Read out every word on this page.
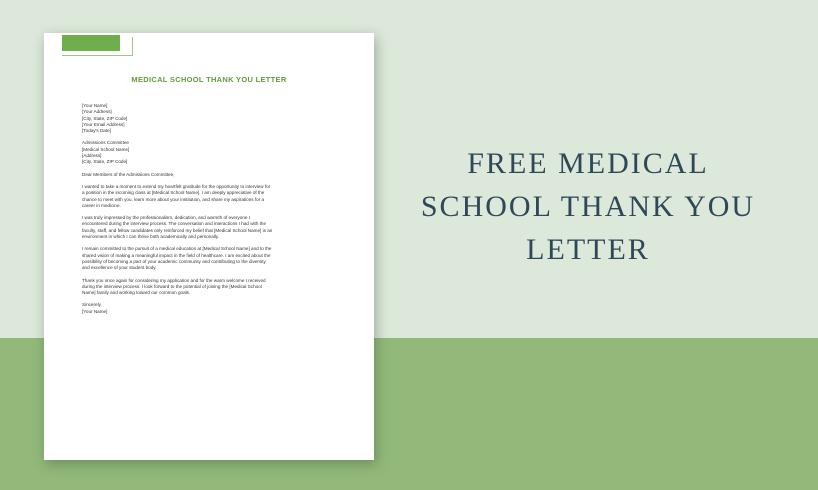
MEDICAL SCHOOL THANK YOU LETTER
[Your Name]
[Your Address]
[City, State, ZIP Code]
[Your Email Address]
[Today's Date]
Admissions Committee
[Medical School Name]
[Address]
[City, State, ZIP Code]
Dear Members of the Admissions Committee,
I wanted to take a moment to extend my heartfelt gratitude for the opportunity to interview for
a position in the incoming class at [Medical School Name]. I am deeply appreciative of the
chance to meet with you, learn more about your institution, and share my aspirations for a
career in medicine.
I was truly impressed by the professionalism, dedication, and warmth of everyone I
encountered during the interview process. The conversation and interactions I had with the
faculty, staff, and fellow candidates only reinforced my belief that [Medical School Name] is an
environment in which I can thrive both academically and personally.
I remain committed to the pursuit of a medical education at [Medical School Name] and to the
shared vision of making a meaningful impact in the field of healthcare. I am excited about the
possibility of becoming a part of your academic community and contributing to the diversity
and excellence of your student body.
Thank you once again for considering my application and for the warm welcome I received
during the interview process. I look forward to the potential of joining the [Medical School
Name] family and working toward our common goals.
Sincerely,
[Your Name]
FREE MEDICAL
SCHOOL THANK YOU
LETTER
